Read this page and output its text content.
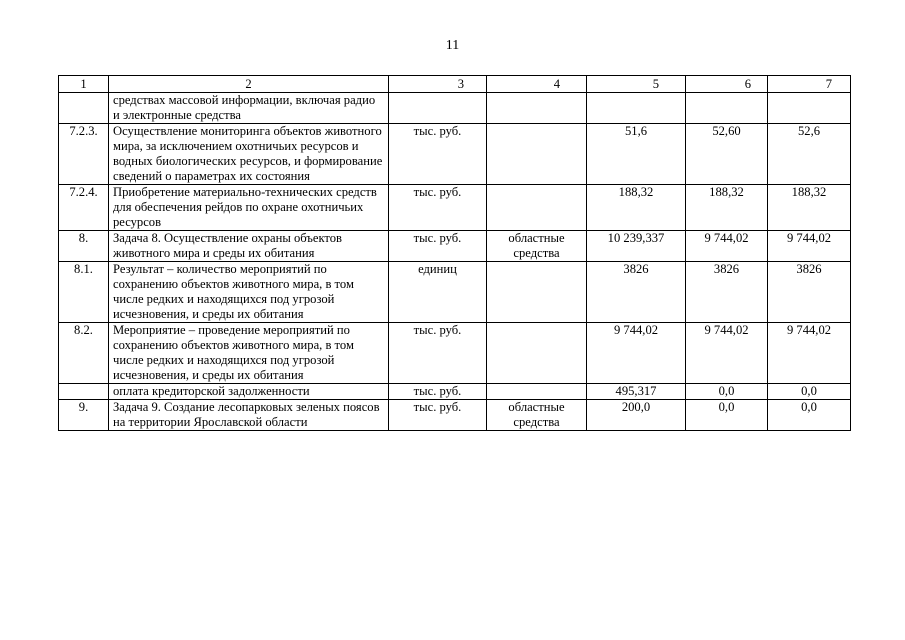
11
1	2	3	4	5	6	7
	средствах массовой информации, включая радио и электронные средства					
7.2.3.	Осуществление мониторинга объектов животного мира, за исключением охотничьих ресурсов и водных биологических ресурсов, и формирование сведений о параметрах их состояния	тыс. руб.		51,6	52,60	52,6
7.2.4.	Приобретение материально-технических средств для обеспечения рейдов по охране охотничьих ресурсов	тыс. руб.		188,32	188,32	188,32
8.	Задача 8. Осуществление охраны объектов животного мира и среды их обитания	тыс. руб.	областные средства	10 239,337	9 744,02	9 744,02
8.1.	Результат – количество мероприятий по сохранению объектов животного мира, в том числе редких и находящихся под угрозой исчезновения, и среды их обитания	единиц		3826	3826	3826
8.2.	Мероприятие – проведение мероприятий по сохранению объектов животного мира, в том числе редких и находящихся под угрозой исчезновения, и среды их обитания	тыс. руб.		9 744,02	9 744,02	9 744,02
	оплата кредиторской задолженности	тыс. руб.		495,317	0,0	0,0
9.	Задача 9. Создание лесопарковых зеленых поясов на территории Ярославской области	тыс. руб.	областные средства	200,0	0,0	0,0
